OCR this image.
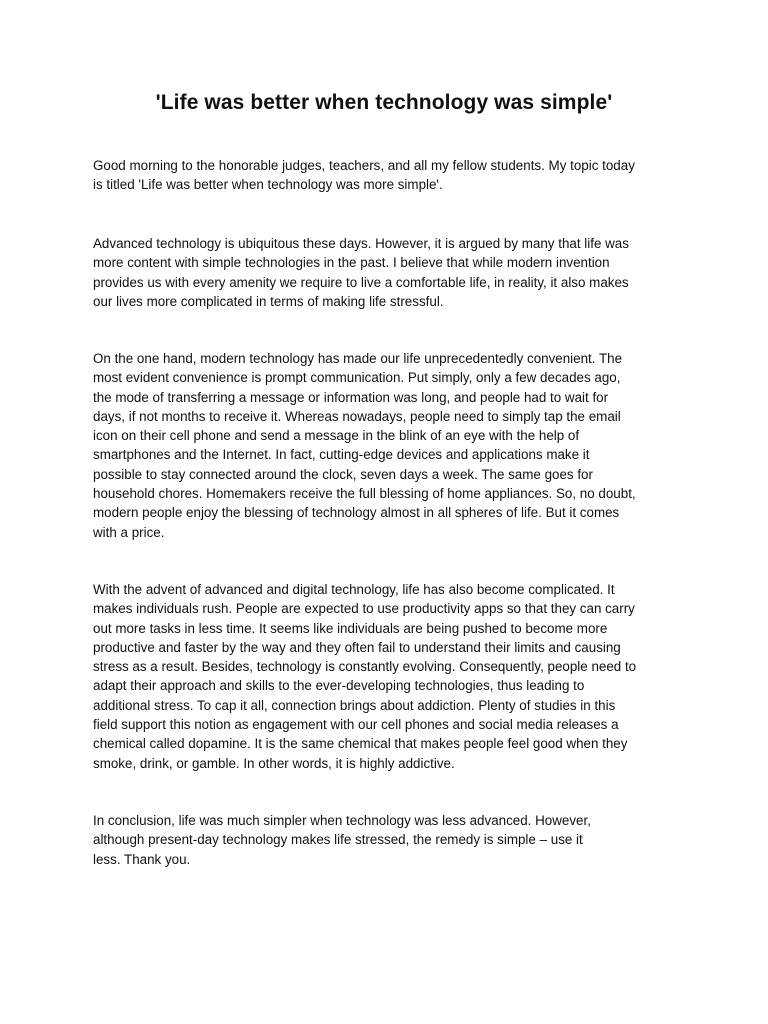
'Life was better when technology was simple'

Good morning to the honorable judges, teachers, and all my fellow students. My topic today
is titled 'Life was better when technology was more simple'.

Advanced technology is ubiquitous these days. However, it is argued by many that life was
more content with simple technologies in the past. I believe that while modern invention
provides us with every amenity we require to live a comfortable life, in reality, it also makes
our lives more complicated in terms of making life stressful.

On the one hand, modern technology has made our life unprecedentedly convenient. The
most evident convenience is prompt communication. Put simply, only a few decades ago,
the mode of transferring a message or information was long, and people had to wait for
days, if not months to receive it. Whereas nowadays, people need to simply tap the email
icon on their cell phone and send a message in the blink of an eye with the help of
smartphones and the Internet. In fact, cutting-edge devices and applications make it
possible to stay connected around the clock, seven days a week. The same goes for
household chores. Homemakers receive the full blessing of home appliances. So, no doubt,
modern people enjoy the blessing of technology almost in all spheres of life. But it comes
with a price.

With the advent of advanced and digital technology, life has also become complicated. It
makes individuals rush. People are expected to use productivity apps so that they can carry
out more tasks in less time. It seems like individuals are being pushed to become more
productive and faster by the way and they often fail to understand their limits and causing
stress as a result. Besides, technology is constantly evolving. Consequently, people need to
adapt their approach and skills to the ever-developing technologies, thus leading to
additional stress. To cap it all, connection brings about addiction. Plenty of studies in this
field support this notion as engagement with our cell phones and social media releases a
chemical called dopamine. It is the same chemical that makes people feel good when they
smoke, drink, or gamble. In other words, it is highly addictive.

In conclusion, life was much simpler when technology was less advanced. However,
although present-day technology makes life stressed, the remedy is simple – use it
less. Thank you.
